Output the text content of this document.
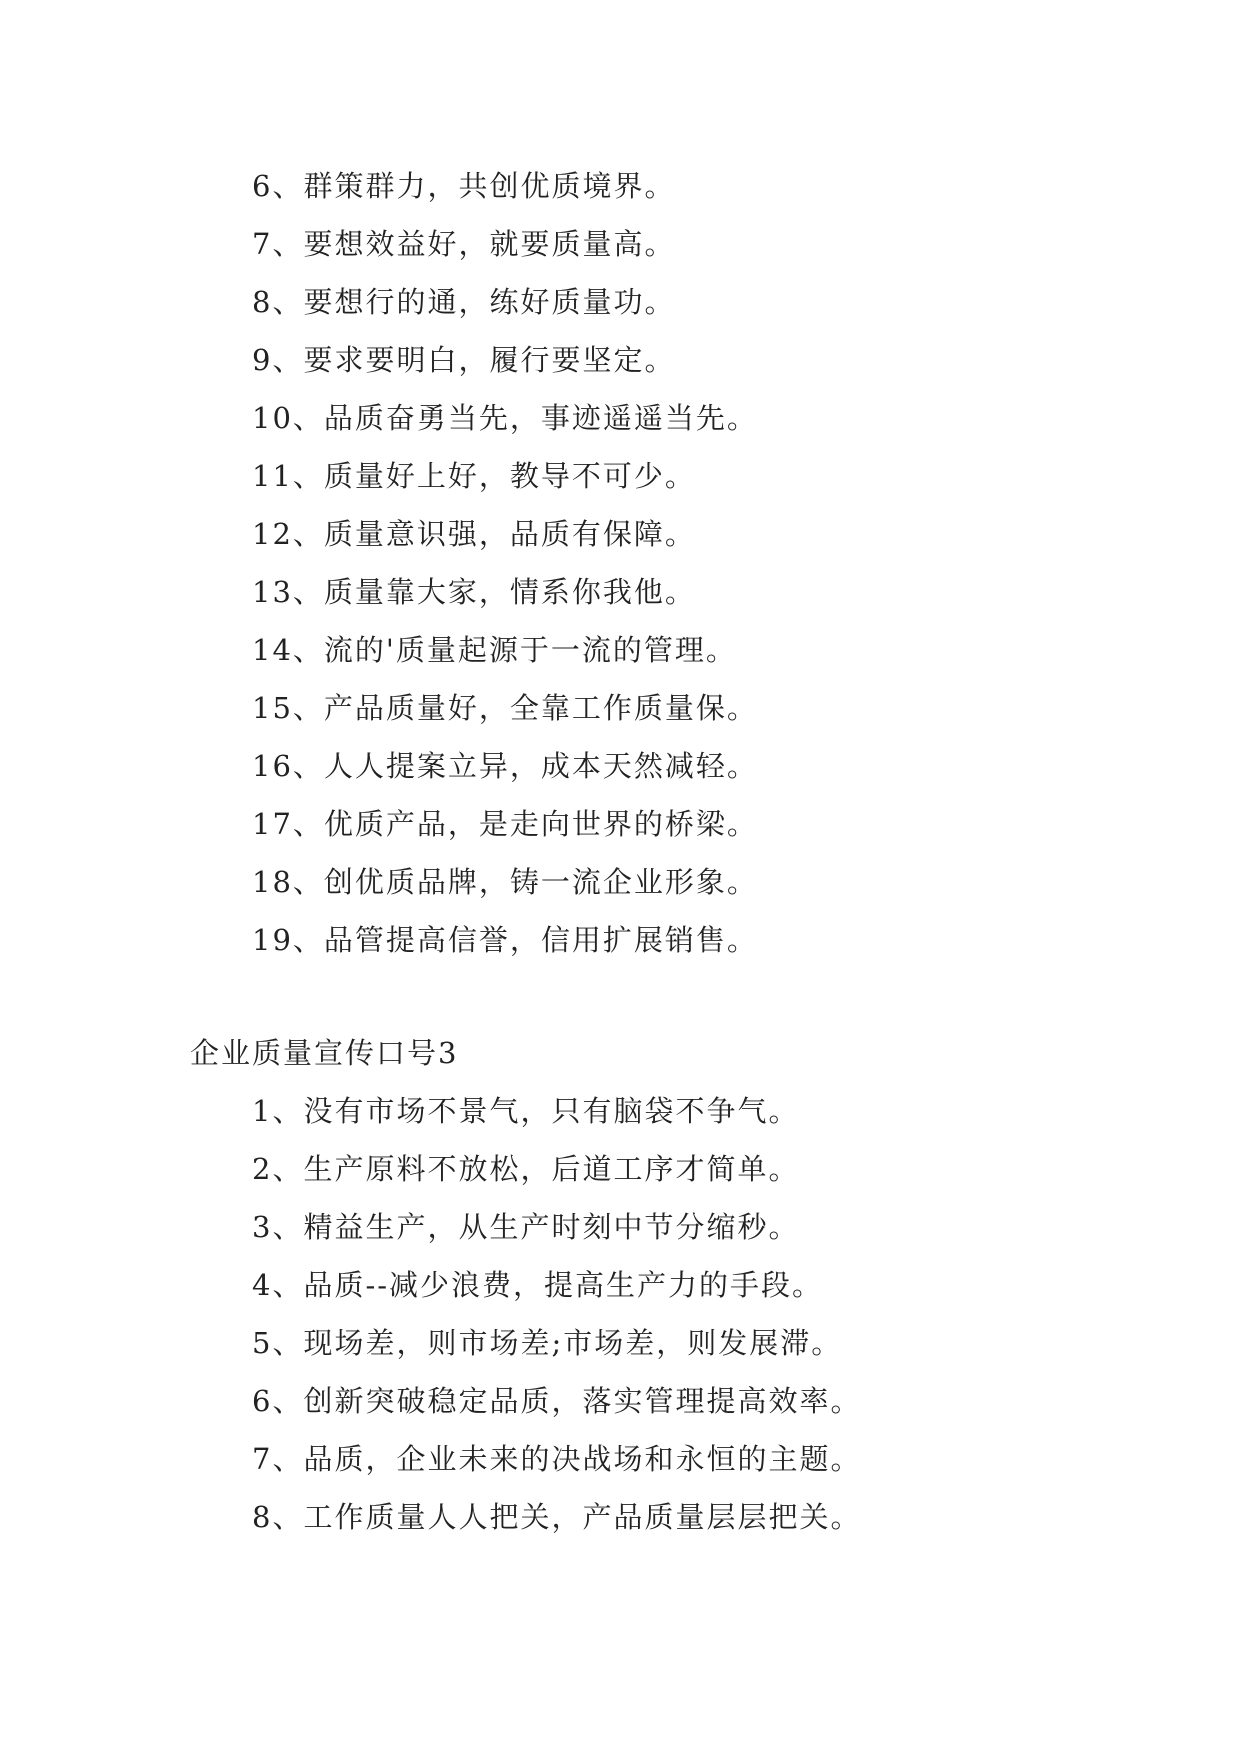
6、群策群力，共创优质境界。
7、要想效益好，就要质量高。
8、要想行的通，练好质量功。
9、要求要明白，履行要坚定。
10、品质奋勇当先，事迹遥遥当先。
11、质量好上好，教导不可少。
12、质量意识强，品质有保障。
13、质量靠大家，情系你我他。
14、流的'质量起源于一流的管理。
15、产品质量好，全靠工作质量保。
16、人人提案立异，成本天然减轻。
17、优质产品，是走向世界的桥梁。
18、创优质品牌，铸一流企业形象。
19、品管提高信誉，信用扩展销售。
企业质量宣传口号3
1、没有市场不景气，只有脑袋不争气。
2、生产原料不放松，后道工序才简单。
3、精益生产，从生产时刻中节分缩秒。
4、品质--减少浪费，提高生产力的手段。
5、现场差，则市场差;市场差，则发展滞。
6、创新突破稳定品质，落实管理提高效率。
7、品质，企业未来的决战场和永恒的主题。
8、工作质量人人把关，产品质量层层把关。
